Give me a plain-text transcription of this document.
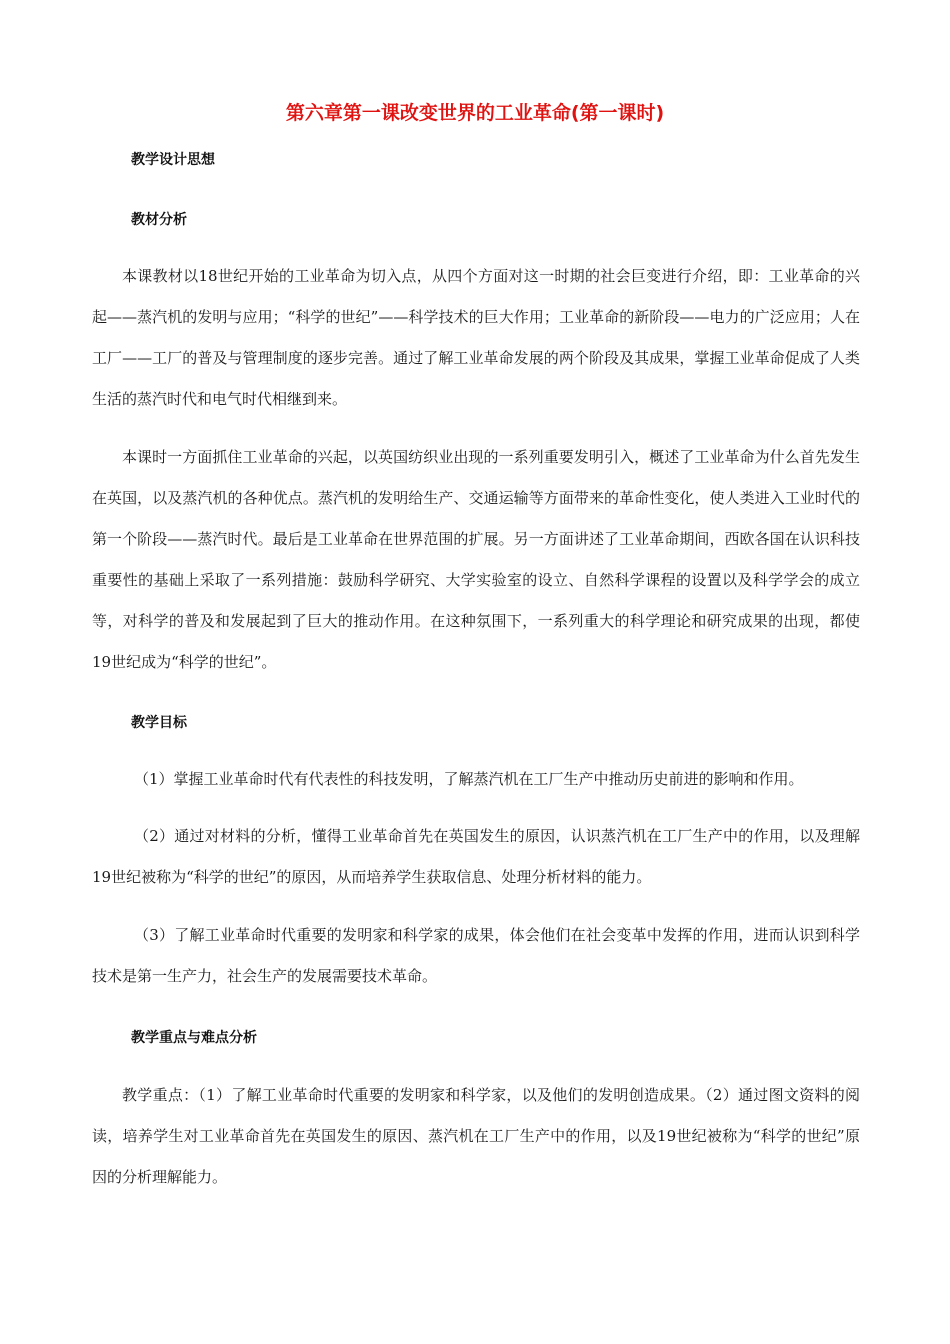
第六章第一课改变世界的工业革命(第一课时)
教学设计思想
教材分析

本课教材以18世纪开始的工业革命为切入点，从四个方面对这一时期的社会巨变进行介绍，即：工业革命的兴起——蒸汽机的发明与应用；“科学的世纪”——科学技术的巨大作用；工业革命的新阶段——电力的广泛应用；人在工厂——工厂的普及与管理制度的逐步完善。通过了解工业革命发展的两个阶段及其成果，掌握工业革命促成了人类生活的蒸汽时代和电气时代相继到来。

本课时一方面抓住工业革命的兴起，以英国纺织业出现的一系列重要发明引入，概述了工业革命为什么首先发生在英国，以及蒸汽机的各种优点。蒸汽机的发明给生产、交通运输等方面带来的革命性变化，使人类进入工业时代的第一个阶段——蒸汽时代。最后是工业革命在世界范围的扩展。另一方面讲述了工业革命期间，西欧各国在认识科技重要性的基础上采取了一系列措施：鼓励科学研究、大学实验室的设立、自然科学课程的设置以及科学学会的成立等，对科学的普及和发展起到了巨大的推动作用。在这种氛围下，一系列重大的科学理论和研究成果的出现，都使19世纪成为“科学的世纪”。

教学目标

（1）掌握工业革命时代有代表性的科技发明，了解蒸汽机在工厂生产中推动历史前进的影响和作用。

（2）通过对材料的分析，懂得工业革命首先在英国发生的原因，认识蒸汽机在工厂生产中的作用，以及理解19世纪被称为“科学的世纪”的原因，从而培养学生获取信息、处理分析材料的能力。

（3）了解工业革命时代重要的发明家和科学家的成果，体会他们在社会变革中发挥的作用，进而认识到科学技术是第一生产力，社会生产的发展需要技术革命。

教学重点与难点分析

教学重点：（1）了解工业革命时代重要的发明家和科学家，以及他们的发明创造成果。（2）通过图文资料的阅读，培养学生对工业革命首先在英国发生的原因、蒸汽机在工厂生产中的作用，以及19世纪被称为“科学的世纪”原因的分析理解能力。
